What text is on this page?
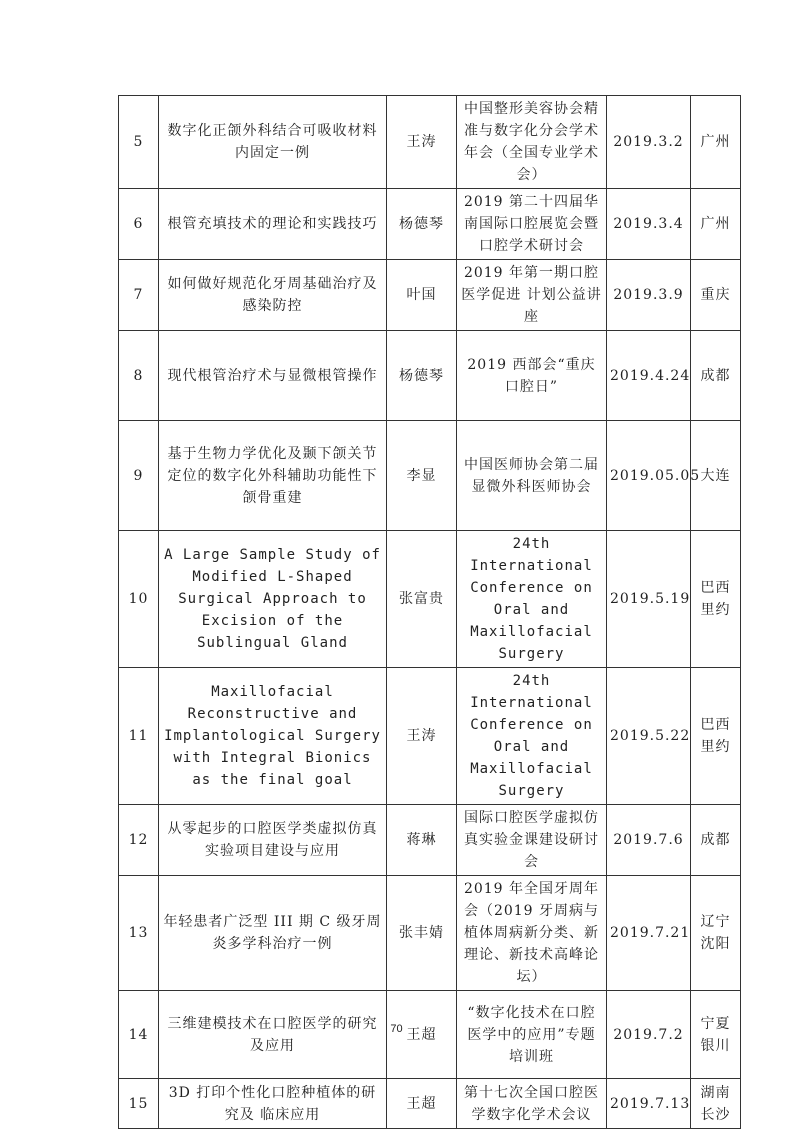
5	数字化正颌外科结合可吸收材料内固定一例	王涛	中国整形美容协会精准与数字化分会学术年会（全国专业学术会）	2019.3.2	广州
6	根管充填技术的理论和实践技巧	杨德琴	2019 第二十四届华南国际口腔展览会暨口腔学术研讨会	2019.3.4	广州
7	如何做好规范化牙周基础治疗及感染防控	叶国	2019 年第一期口腔医学促进 计划公益讲座	2019.3.9	重庆
8	现代根管治疗术与显微根管操作	杨德琴	2019 西部会“重庆口腔日”	2019.4.24	成都
9	基于生物力学优化及颞下颌关节定位的数字化外科辅助功能性下颌骨重建	李显	中国医师协会第二届显微外科医师协会	2019.05.05	大连
10	A Large Sample Study of Modified L-Shaped Surgical Approach to Excision of the Sublingual Gland	张富贵	24th International Conference on Oral and Maxillofacial Surgery	2019.5.19	巴西里约
11	Maxillofacial Reconstructive and Implantological Surgery with Integral Bionics as the final goal	王涛	24th International Conference on Oral and Maxillofacial Surgery	2019.5.22	巴西里约
12	从零起步的口腔医学类虚拟仿真实验项目建设与应用	蒋琳	国际口腔医学虚拟仿真实验金课建设研讨会	2019.7.6	成都
13	年轻患者广泛型 III 期 C 级牙周炎多学科治疗一例	张丰婧	2019 年全国牙周年会（2019 牙周病与植体周病新分类、新理论、新技术高峰论坛）	2019.7.21	辽宁沈阳
14	三维建模技术在口腔医学的研究及应用	王超	“数字化技术在口腔医学中的应用”专题培训班	2019.7.2	宁夏银川
15	3D 打印个性化口腔种植体的研究及 临床应用	王超	第十七次全国口腔医学数字化学术会议	2019.7.13	湖南长沙
70
